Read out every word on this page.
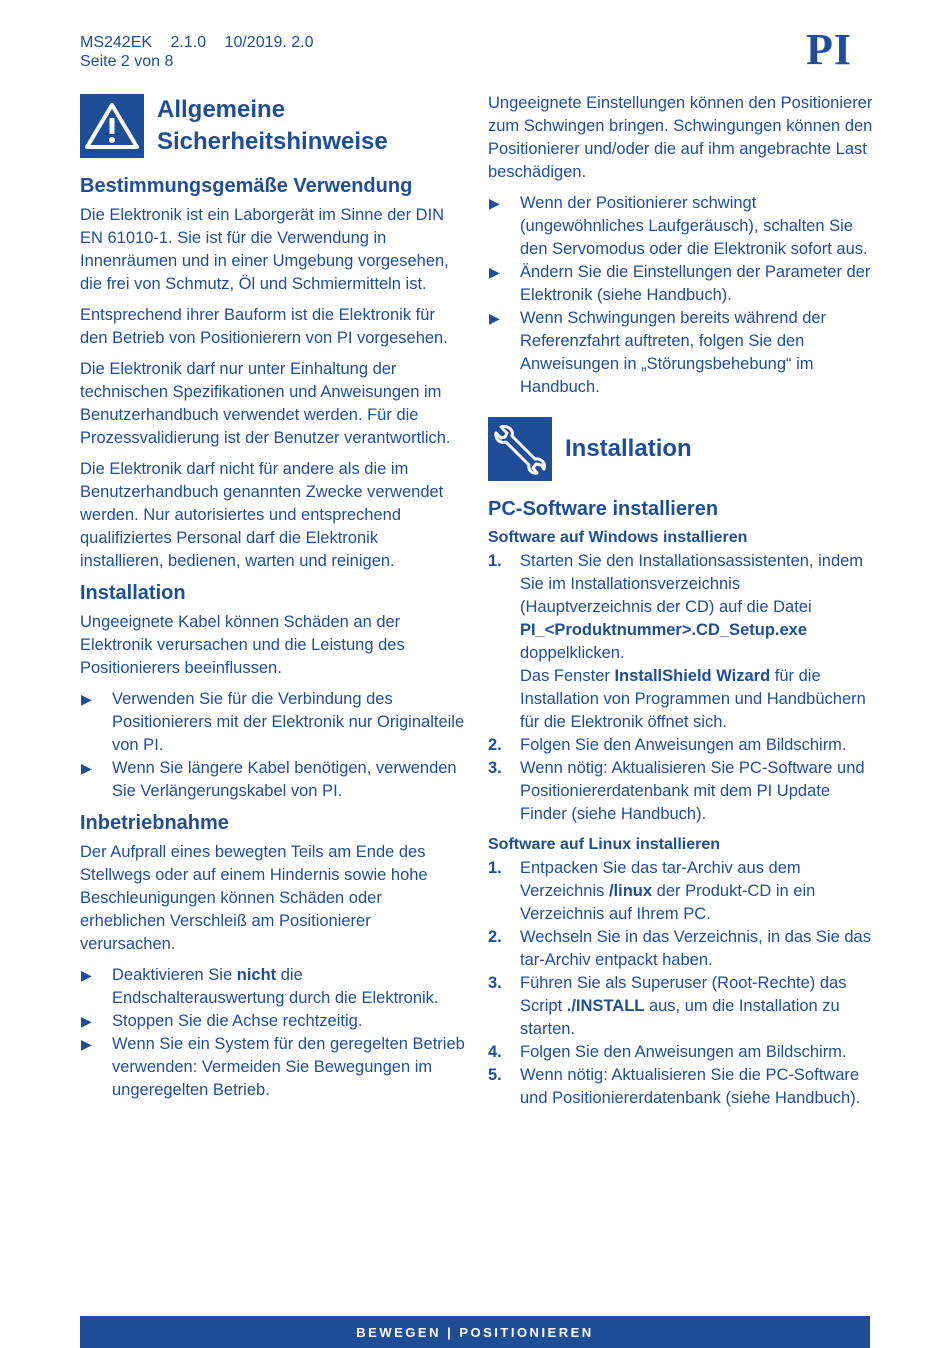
MS242EK 2.1.0 10/2019. 2.0
Seite 2 von 8	PI
Allgemeine
Sicherheitshinweise
Bestimmungsgemäße Verwendung

Die Elektronik ist ein Laborgerät im Sinne der DIN EN 61010-1. Sie ist für die Verwendung in Innenräumen und in einer Umgebung vorgesehen, die frei von Schmutz, Öl und Schmiermitteln ist.

Entsprechend ihrer Bauform ist die Elektronik für den Betrieb von Positionierern von PI vorgesehen.

Die Elektronik darf nur unter Einhaltung der technischen Spezifikationen und Anweisungen im Benutzerhandbuch verwendet werden. Für die Prozessvalidierung ist der Benutzer verantwortlich.

Die Elektronik darf nicht für andere als die im Benutzerhandbuch genannten Zwecke verwendet werden. Nur autorisiertes und entsprechend qualifiziertes Personal darf die Elektronik installieren, bedienen, warten und reinigen.

Installation

Ungeeignete Kabel können Schäden an der Elektronik verursachen und die Leistung des Positionierers beeinflussen.

▶ Verwenden Sie für die Verbindung des Positionierers mit der Elektronik nur Originalteile von PI.
▶ Wenn Sie längere Kabel benötigen, verwenden Sie Verlängerungskabel von PI.
Inbetriebnahme

Der Aufprall eines bewegten Teils am Ende des Stellwegs oder auf einem Hindernis sowie hohe Beschleunigungen können Schäden oder erheblichen Verschleiß am Positionierer verursachen.

▶ Deaktivieren Sie nicht die Endschalterauswertung durch die Elektronik.
▶ Stoppen Sie die Achse rechtzeitig.
▶ Wenn Sie ein System für den geregelten Betrieb verwenden: Vermeiden Sie Bewegungen im ungeregelten Betrieb.

Ungeeignete Einstellungen können den Positionierer zum Schwingen bringen. Schwingungen können den Positionierer und/oder die auf ihm angebrachte Last beschädigen.

▶ Wenn der Positionierer schwingt (ungewöhnliches Laufgeräusch), schalten Sie den Servomodus oder die Elektronik sofort aus.
▶ Ändern Sie die Einstellungen der Parameter der Elektronik (siehe Handbuch).
▶ Wenn Schwingungen bereits während der Referenzfahrt auftreten, folgen Sie den Anweisungen in „Störungsbehebung“ im Handbuch.
Installation
PC-Software installieren
Software auf Windows installieren
1. Starten Sie den Installationsassistenten, indem Sie im Installationsverzeichnis (Hauptverzeichnis der CD) auf die Datei PI_<Produktnummer>.CD_Setup.exe doppelklicken.
Das Fenster InstallShield Wizard für die Installation von Programmen und Handbüchern für die Elektronik öffnet sich.
2. Folgen Sie den Anweisungen am Bildschirm.
3. Wenn nötig: Aktualisieren Sie PC-Software und Positioniererdatenbank mit dem PI Update Finder (siehe Handbuch).
Software auf Linux installieren
1. Entpacken Sie das tar-Archiv aus dem Verzeichnis /linux der Produkt-CD in ein Verzeichnis auf Ihrem PC.
2. Wechseln Sie in das Verzeichnis, in das Sie das tar-Archiv entpackt haben.
3. Führen Sie als Superuser (Root-Rechte) das Script ./INSTALL aus, um die Installation zu starten.
4. Folgen Sie den Anweisungen am Bildschirm.
5. Wenn nötig: Aktualisieren Sie die PC-Software und Positioniererdatenbank (siehe Handbuch).
BEWEGEN | POSITIONIEREN
